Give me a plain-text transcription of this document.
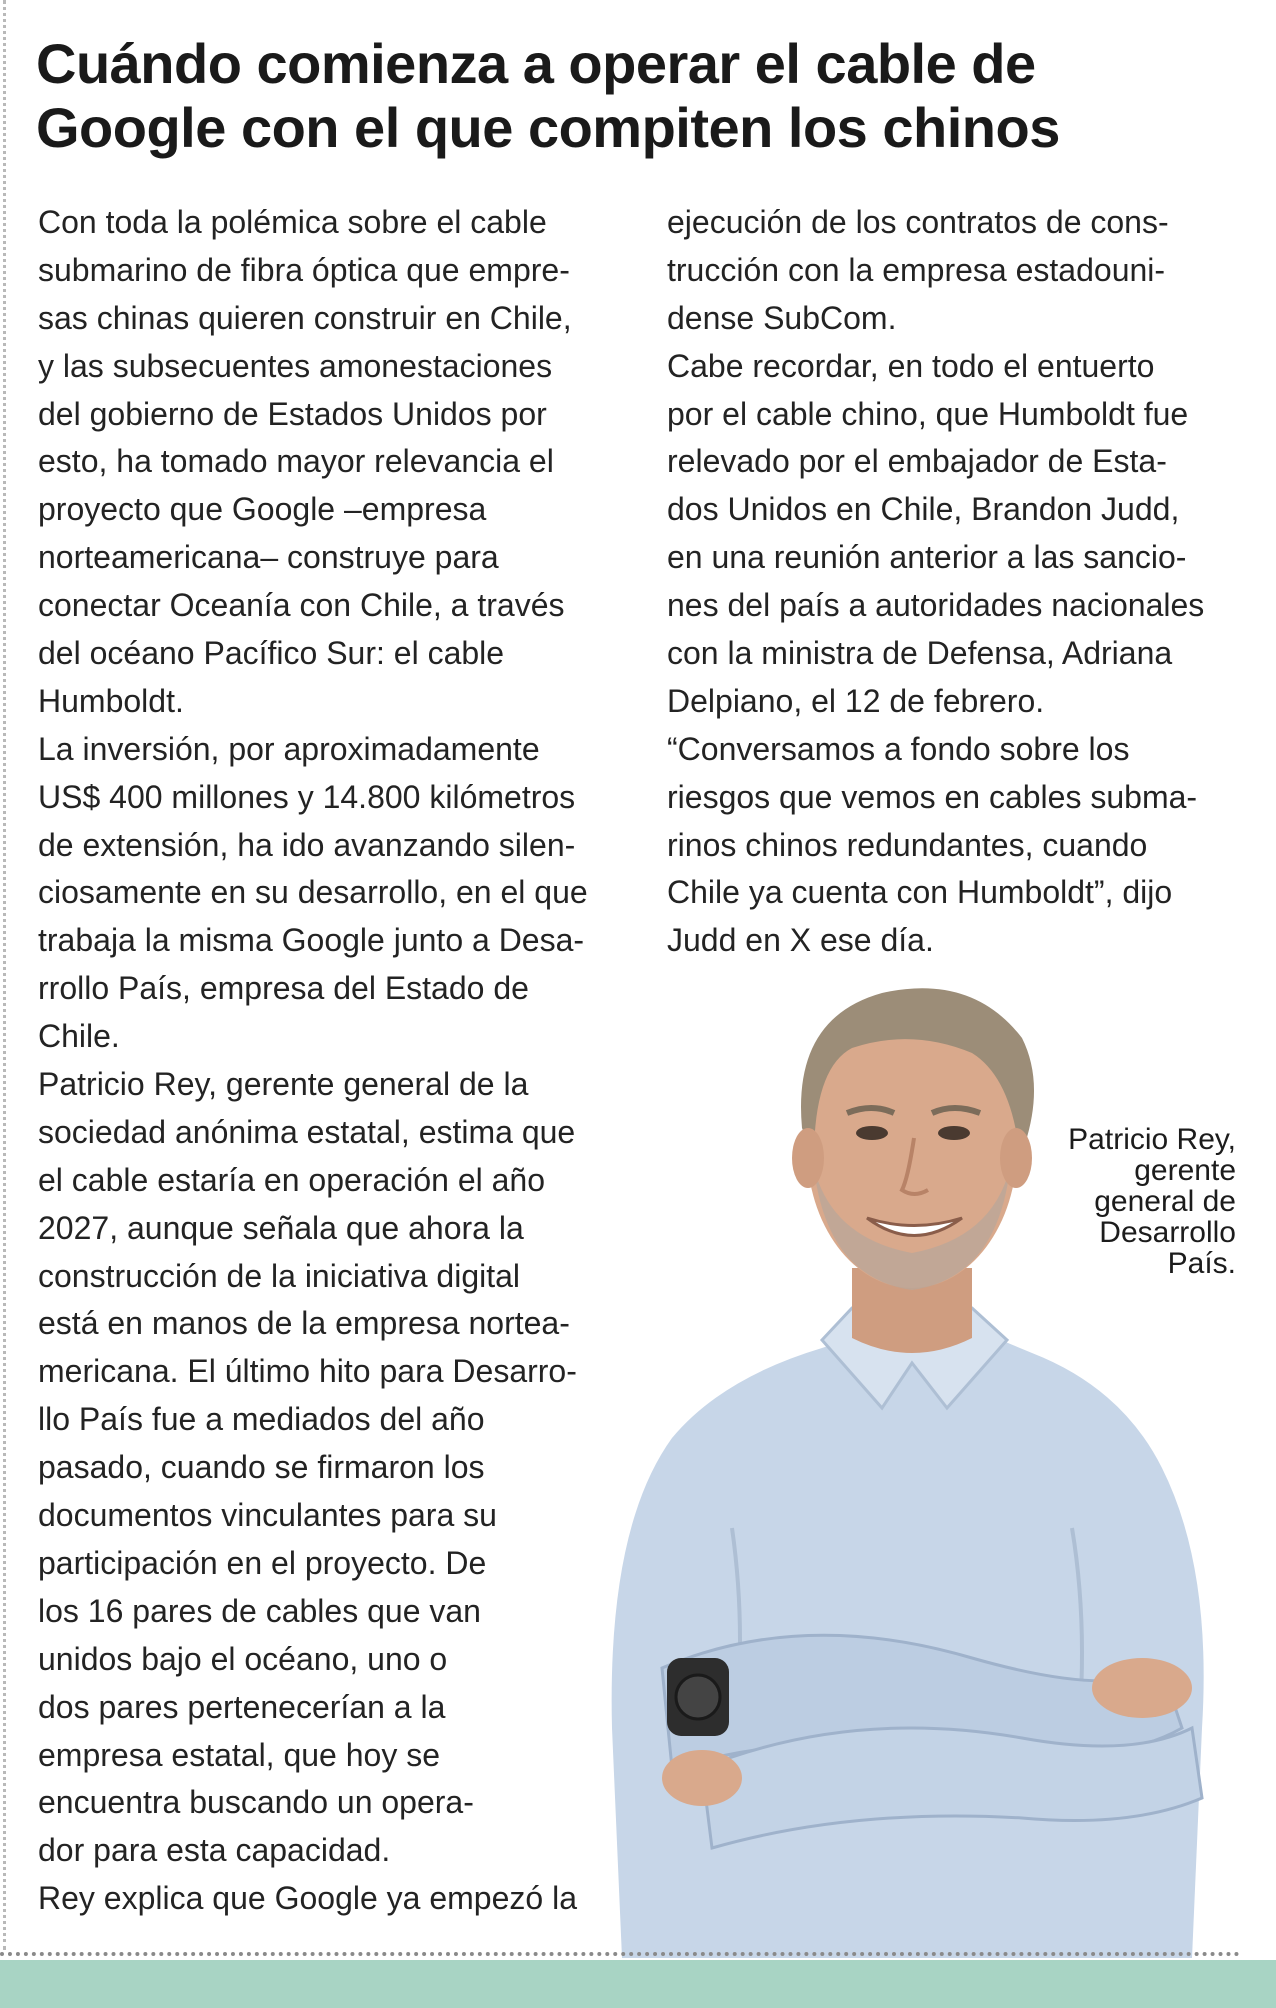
Cuándo comienza a operar el cable de
Google con el que compiten los chinos
Con toda la polémica sobre el cable
submarino de fibra óptica que empre-
sas chinas quieren construir en Chile,
y las subsecuentes amonestaciones
del gobierno de Estados Unidos por
esto, ha tomado mayor relevancia el
proyecto que Google –empresa
norteamericana– construye para
conectar Oceanía con Chile, a través
del océano Pacífico Sur: el cable
Humboldt.
La inversión, por aproximadamente
US$ 400 millones y 14.800 kilómetros
de extensión, ha ido avanzando silen-
ciosamente en su desarrollo, en el que
trabaja la misma Google junto a Desa-
rrollo País, empresa del Estado de
Chile.
Patricio Rey, gerente general de la
sociedad anónima estatal, estima que
el cable estaría en operación el año
2027, aunque señala que ahora la
construcción de la iniciativa digital
está en manos de la empresa nortea-
mericana. El último hito para Desarro-
llo País fue a mediados del año
pasado, cuando se firmaron los
documentos vinculantes para su
participación en el proyecto. De
los 16 pares de cables que van
unidos bajo el océano, uno o
dos pares pertenecerían a la
empresa estatal, que hoy se
encuentra buscando un opera-
dor para esta capacidad.
Rey explica que Google ya empezó la
ejecución de los contratos de cons-
trucción con la empresa estadouni-
dense SubCom.
Cabe recordar, en todo el entuerto
por el cable chino, que Humboldt fue
relevado por el embajador de Esta-
dos Unidos en Chile, Brandon Judd,
en una reunión anterior a las sancio-
nes del país a autoridades nacionales
con la ministra de Defensa, Adriana
Delpiano, el 12 de febrero.
“Conversamos a fondo sobre los
riesgos que vemos en cables subma-
rinos chinos redundantes, cuando
Chile ya cuenta con Humboldt”, dijo
Judd en X ese día.
Patricio Rey,
gerente
general de
Desarrollo
País.
